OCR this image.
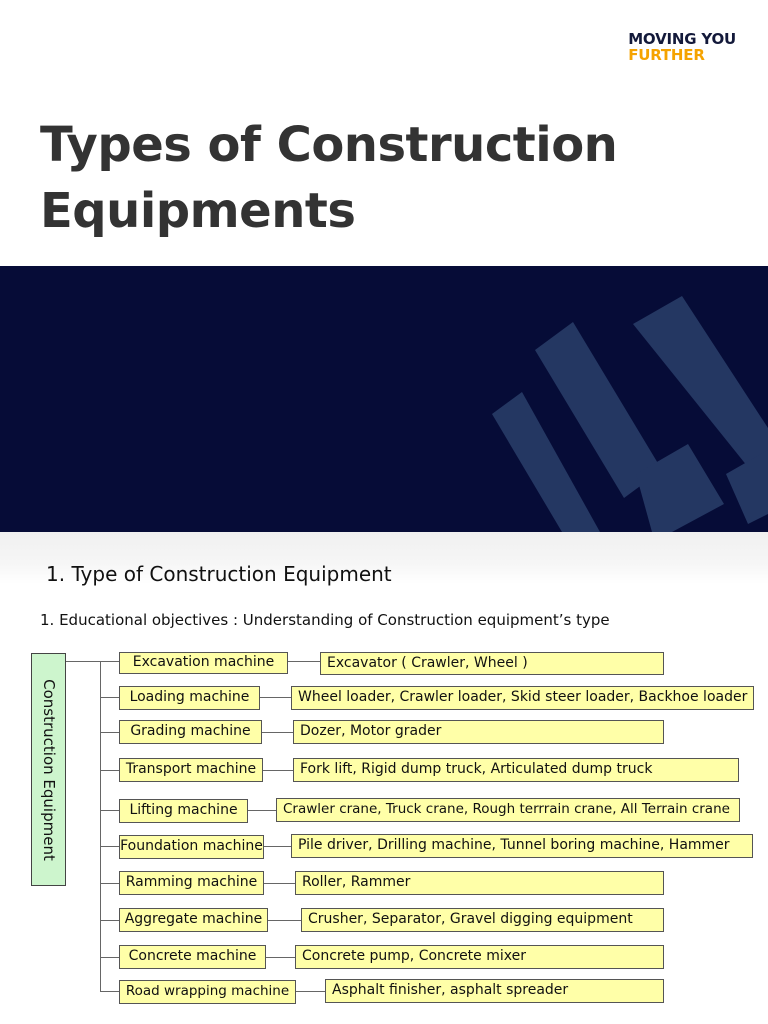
MOVING YOU
FURTHER
Types of Construction Equipments
1. Type of Construction Equipment
1. Educational objectives : Understanding of Construction equipment’s type
Construction Equipment
Excavation machine
Loading machine
Grading machine
Transport machine
Lifting machine
Foundation machine
Ramming machine
Aggregate machine
Concrete machine
Road wrapping machine
Excavator ( Crawler, Wheel )
Wheel loader, Crawler loader, Skid steer loader, Backhoe loader
Dozer, Motor grader
Fork lift, Rigid dump truck, Articulated dump truck
Crawler crane, Truck crane, Rough terrrain crane, All Terrain crane
Pile driver, Drilling machine, Tunnel boring machine, Hammer
Roller, Rammer
Crusher, Separator, Gravel digging equipment
Concrete pump, Concrete mixer
Asphalt finisher, asphalt spreader
